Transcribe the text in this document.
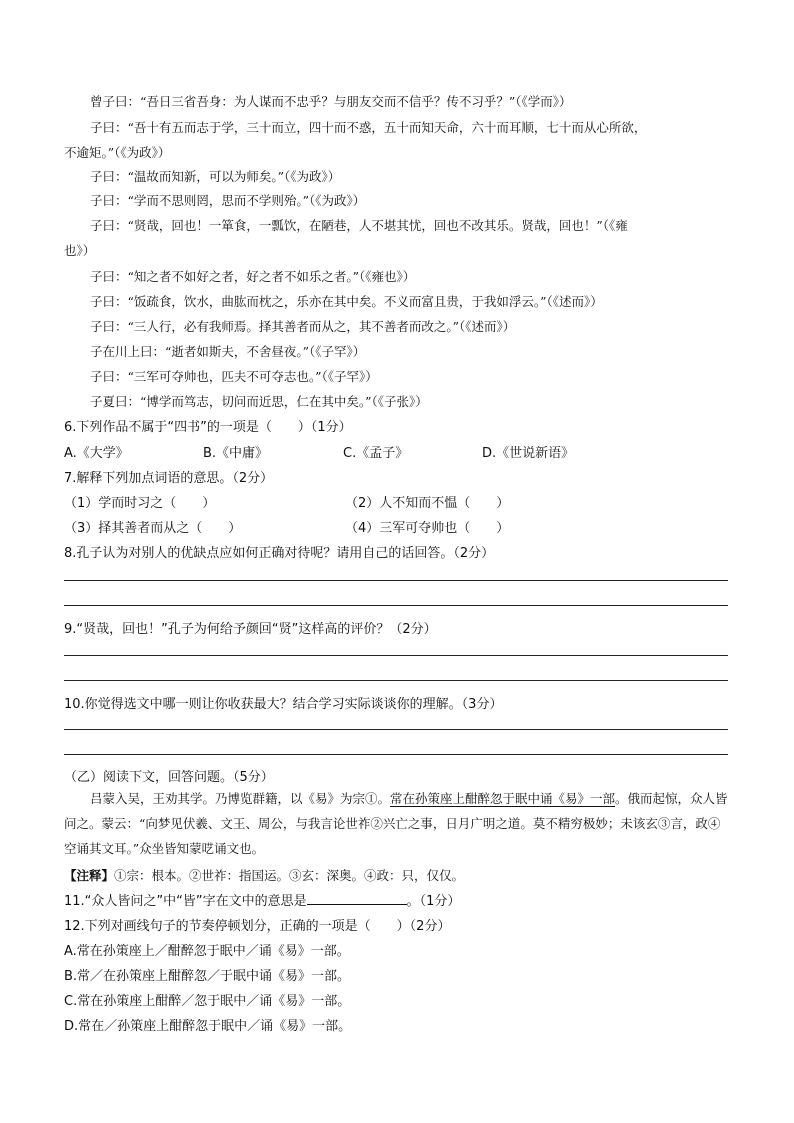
曾子曰：“吾日三省吾身：为人谋而不忠乎？与朋友交而不信乎？传不习乎？”（《学而》）
子曰：“吾十有五而志于学，三十而立，四十而不惑，五十而知天命，六十而耳顺，七十而从心所欲，
不逾矩。”（《为政》）
子曰：“温故而知新，可以为师矣。”（《为政》）
子曰：“学而不思则罔，思而不学则殆。”（《为政》）
子曰：“贤哉，回也！一箪食，一瓢饮，在陋巷，人不堪其忧，回也不改其乐。贤哉，回也！”（《雍
也》）
子曰：“知之者不如好之者，好之者不如乐之者。”（《雍也》）
子曰：“饭疏食，饮水，曲肱而枕之，乐亦在其中矣。不义而富且贵，于我如浮云。”（《述而》）
子曰：“三人行，必有我师焉。择其善者而从之，其不善者而改之。”（《述而》）
子在川上曰：“逝者如斯夫，不舍昼夜。”（《子罕》）
子曰：“三军可夺帅也，匹夫不可夺志也。”（《子罕》）
子夏曰：“博学而笃志，切问而近思，仁在其中矣。”（《子张》）
6.下列作品不属于“四书”的一项是（　　）（1分）
A.《大学》	B.《中庸》	C.《孟子》	D.《世说新语》
7.解释下列加点词语的意思。（2分）
（1）学而时习之（　　）	（2）人不知而不愠（　　）
（3）择其善者而从之（　　）	（4）三军可夺帅也（　　）
8.孔子认为对别人的优缺点应如何正确对待呢？请用自己的话回答。（2分）
9.“贤哉，回也！”孔子为何给予颜回“贤”这样高的评价？（2分）
10.你觉得选文中哪一则让你收获最大？结合学习实际谈谈你的理解。（3分）
（乙）阅读下文，回答问题。（5分）
吕蒙入吴，王劝其学。乃博览群籍，以《易》为宗①。常在孙策座上酣醉忽于眠中诵《易》一部。俄而起惊，众人皆问之。蒙云：“向梦见伏羲、文王、周公，与我言论世祚②兴亡之事，日月广明之道。莫不精穷极妙；未该玄③言，政④空诵其文耳。”众坐皆知蒙呓诵文也。
【注释】①宗：根本。②世祚：指国运。③玄：深奥。④政：只，仅仅。
11.“众人皆问之”中“皆”字在文中的意思是	。（1分）
12.下列对画线句子的节奏停顿划分，正确的一项是（　　）（2分）
A.常在孙策座上／酣醉忽于眠中／诵《易》一部。
B.常／在孙策座上酣醉忽／于眠中诵《易》一部。
C.常在孙策座上酣醉／忽于眠中／诵《易》一部。
D.常在／孙策座上酣醉忽于眠中／诵《易》一部。
